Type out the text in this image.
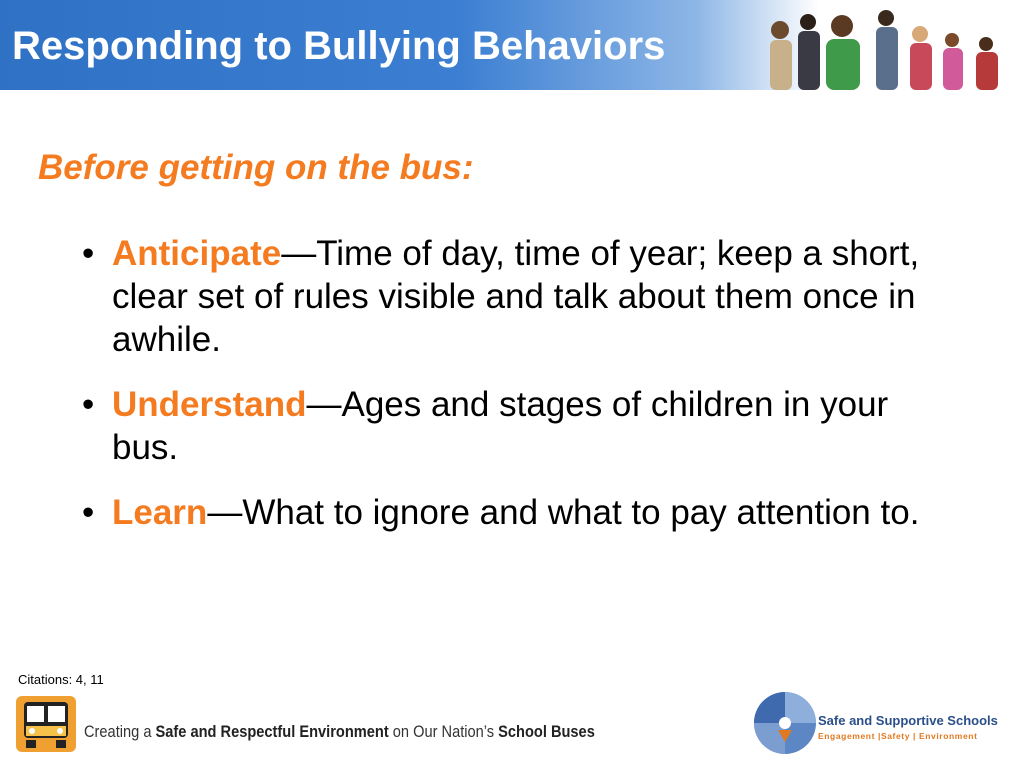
Responding to Bullying Behaviors
Before getting on the bus:
• Anticipate—Time of day, time of year; keep a short, clear set of rules visible and talk about them once in awhile.
• Understand—Ages and stages of children in your bus.
• Learn—What to ignore and what to pay attention to.
Citations: 4, 11
Creating a Safe and Respectful Environment on Our Nation’s School Buses
Safe and Supportive Schools
Engagement |Safety | Environment
